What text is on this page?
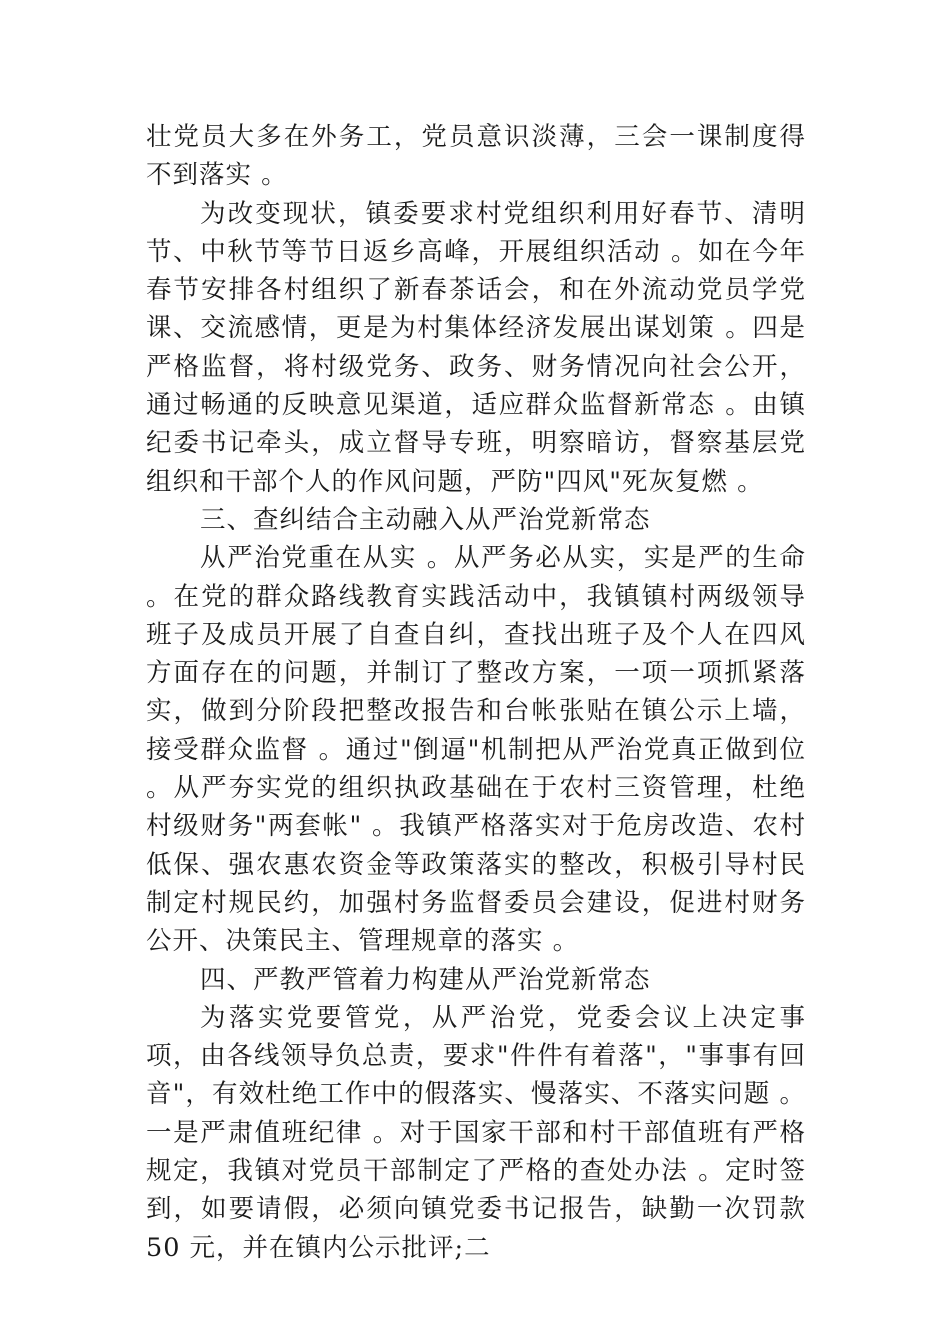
壮党员大多在外务工，党员意识淡薄，三会一课制度得不到落实 。

为改变现状，镇委要求村党组织利用好春节、清明节、中秋节等节日返乡高峰，开展组织活动 。如在今年春节安排各村组织了新春茶话会，和在外流动党员学党课、交流感情，更是为村集体经济发展出谋划策 。四是严格监督，将村级党务、政务、财务情况向社会公开，通过畅通的反映意见渠道，适应群众监督新常态 。由镇纪委书记牵头，成立督导专班，明察暗访，督察基层党组织和干部个人的作风问题，严防"四风"死灰复燃 。

三、查纠结合主动融入从严治党新常态

从严治党重在从实 。从严务必从实，实是严的生命 。在党的群众路线教育实践活动中，我镇镇村两级领导班子及成员开展了自查自纠，查找出班子及个人在四风方面存在的问题，并制订了整改方案，一项一项抓紧落实，做到分阶段把整改报告和台帐张贴在镇公示上墙，接受群众监督 。通过"倒逼"机制把从严治党真正做到位 。从严夯实党的组织执政基础在于农村三资管理，杜绝村级财务"两套帐" 。我镇严格落实对于危房改造、农村低保、强农惠农资金等政策落实的整改，积极引导村民制定村规民约，加强村务监督委员会建设，促进村财务公开、决策民主、管理规章的落实 。

四、严教严管着力构建从严治党新常态

为落实党要管党，从严治党，党委会议上决定事项，由各线领导负总责，要求"件件有着落"，"事事有回音"，有效杜绝工作中的假落实、慢落实、不落实问题 。一是严肃值班纪律 。对于国家干部和村干部值班有严格规定，我镇对党员干部制定了严格的查处办法 。定时签到，如要请假，必须向镇党委书记报告，缺勤一次罚款 50 元，并在镇内公示批评;二
